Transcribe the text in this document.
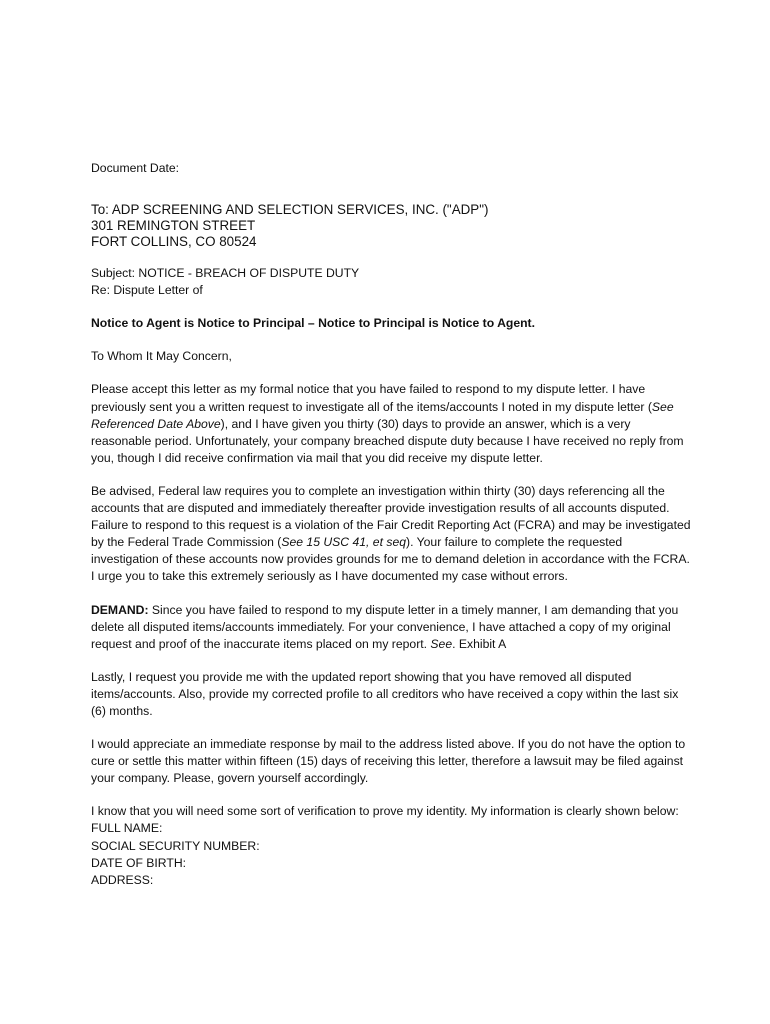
Document Date:

To: ADP SCREENING AND SELECTION SERVICES, INC. ("ADP")
301 REMINGTON STREET
FORT COLLINS, CO 80524
Subject: NOTICE - BREACH OF DISPUTE DUTY
Re: Dispute Letter of

Notice to Agent is Notice to Principal – Notice to Principal is Notice to Agent.

To Whom It May Concern,

Please accept this letter as my formal notice that you have failed to respond to my dispute letter. I have previously sent you a written request to investigate all of the items/accounts I noted in my dispute letter (See Referenced Date Above), and I have given you thirty (30) days to provide an answer, which is a very reasonable period. Unfortunately, your company breached dispute duty because I have received no reply from you, though I did receive confirmation via mail that you did receive my dispute letter.

Be advised, Federal law requires you to complete an investigation within thirty (30) days referencing all the accounts that are disputed and immediately thereafter provide investigation results of all accounts disputed. Failure to respond to this request is a violation of the Fair Credit Reporting Act (FCRA) and may be investigated by the Federal Trade Commission (See 15 USC 41, et seq). Your failure to complete the requested investigation of these accounts now provides grounds for me to demand deletion in accordance with the FCRA. I urge you to take this extremely seriously as I have documented my case without errors.

DEMAND: Since you have failed to respond to my dispute letter in a timely manner, I am demanding that you delete all disputed items/accounts immediately. For your convenience, I have attached a copy of my original request and proof of the inaccurate items placed on my report. See. Exhibit A

Lastly, I request you provide me with the updated report showing that you have removed all disputed items/accounts. Also, provide my corrected profile to all creditors who have received a copy within the last six (6) months.

I would appreciate an immediate response by mail to the address listed above. If you do not have the option to cure or settle this matter within fifteen (15) days of receiving this letter, therefore a lawsuit may be filed against your company. Please, govern yourself accordingly.

I know that you will need some sort of verification to prove my identity. My information is clearly shown below:

FULL NAME:
SOCIAL SECURITY NUMBER:
DATE OF BIRTH:
ADDRESS:
